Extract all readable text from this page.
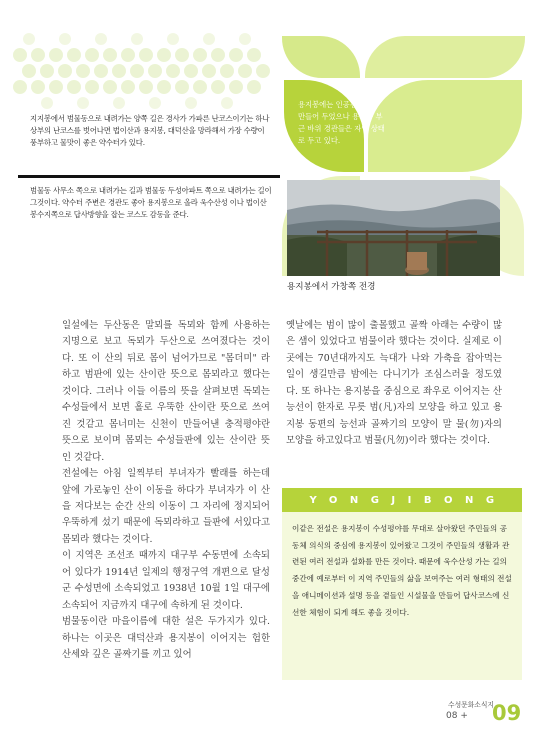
지지봉에서 범물동으로 내려가는 양쪽 길은 경사가 가파른 난코스이기는 하나 상부의 난코스를 벗어나면 법이산과 용지봉, 대덕산을 망라해서 가장 수량이 풍부하고 물맛이 좋은 약수터가 있다.
범물동 사무소 쪽으로 내려가는 길과 범물동 두성아파트 쪽으로 내려가는 길이 그것이다. 약수터 주변은 경관도 좋아 용지봉으로 올라 욱수산성 이나 법이산 봉수지쪽으로 답사방향을 잡는 코스도 감동을 준다.
용지봉에는 인공전망대를 만들어 두었으나 용지봉 부근 바위 경관들은 자연 상태로 두고 있다.
용지봉에서 가창쪽 전경

일설에는 두산동은 말뫼를 독뫼와 함께 사용하는 지명으로 보고 독뫼가 두산으로 쓰여졌다는 것이다. 또 이 산의 뒤로 몸이 넘어가므로 "몸더미" 라 하고 범판에 있는 산이란 뜻으로 몸뫼라고 했다는 것이다. 그러나 이들 이름의 뜻을 살펴보면 독뫼는 수성들에서 보면 홀로 우뚝한 산이란 뜻으로 쓰여진 것같고 몸너미는 신천이 만들어낸 충적평야란 뜻으로 보이며 몸뫼는 수성들판에 있는 산이란 뜻인 것같다.

전설에는 아침 일찍부터 부녀자가 빨래를 하는데 앞에 가로놓인 산이 이동을 하다가 부녀자가 이 산을 저다보는 순간 산의 이동이 그 자리에 정지되어 우뚝하게 섰기 때문에 독뫼라하고 들판에 서있다고 몸뫼라 했다는 것이다.

이 지역은 조선조 때까지 대구부 수동면에 소속되어 있다가 1914년 일제의 행정구역 개편으로 달성군 수성면에 소속되었고 1938년 10월 1일 대구에 소속되어 지금까지 대구에 속하게 된 것이다.

범물동이란 마을이름에 대한 설은 두가지가 있다. 하나는 이곳은 대덕산과 용지봉이 이어지는 험한 산세와 깊은 골짜기를 끼고 있어

옛날에는 범이 많이 출몰했고 골짝 아래는 수량이 많은 샘이 있었다고 범물이라 했다는 것이다. 실제로 이곳에는 70년대까지도 늑대가 나와 가축을 잡아먹는 일이 생길만큼 밤에는 다니기가 조심스러울 정도였다. 또 하나는 용지봉을 중심으로 좌우로 이어지는 산능선이 한자로 무릇 범(凡)자의 모양을 하고 있고 용지봉 동편의 능선과 골짜기의 모양이 말 물(勿)자의 모양을 하고있다고 범물(凡勿)이라 했다는 것이다.

YONGJIBONG
이같은 전설은 용지봉이 수성평야를 무대로 살아왔던 주민들의 공동체 의식의 중심에 용지봉이 있어왔고 그것이 주민들의 생활과 관련된 여러 전설과 설화를 만든 것이다. 때문에 욱수산성 가는 길의 중간에 예로부터 이 지역 주민들의 삶을 보여주는 여러 형태의 전설을 애니메이션과 설명 등을 곁들인 시설물을 만들어 답사코스에 신선한 체험이 되게 해도 좋을 것이다.
수성문화소식지
08 + 09
